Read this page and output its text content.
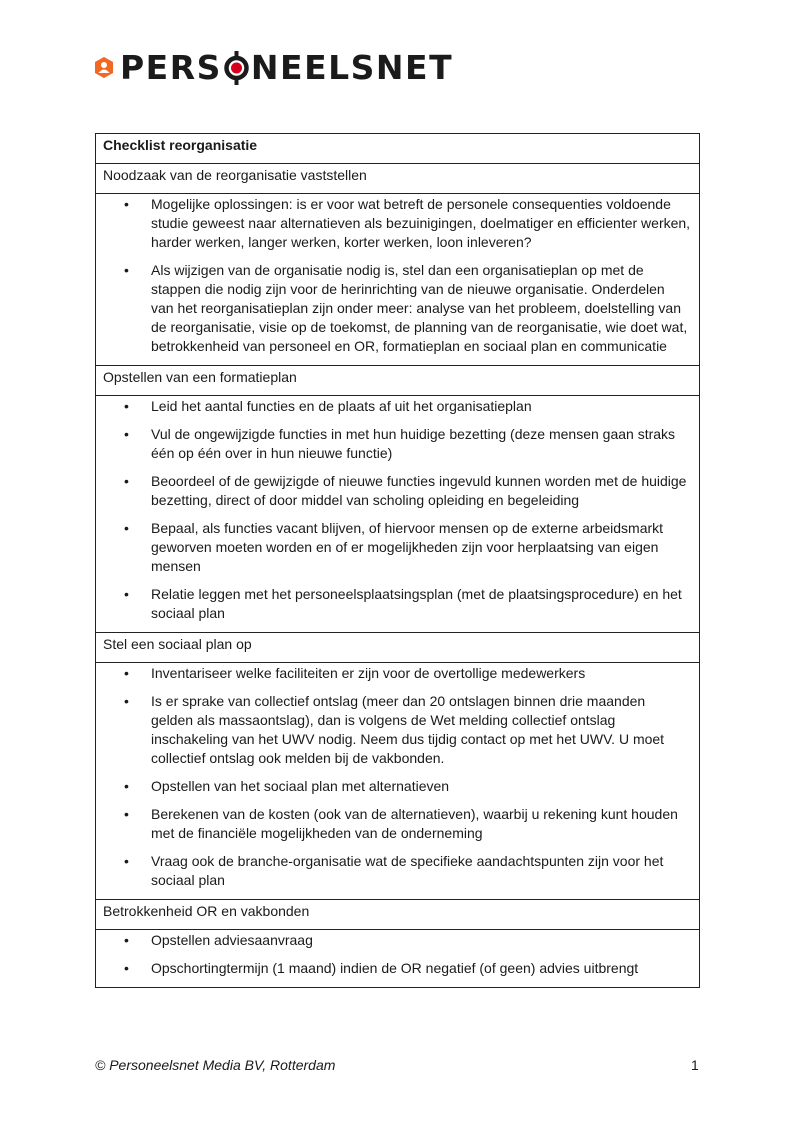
PERS NEELSNET
Checklist reorganisatie
Noodzaak van de reorganisatie vaststellen
• Mogelijke oplossingen: is er voor wat betreft de personele consequenties voldoende studie geweest naar alternatieven als bezuinigingen, doelmatiger en efficienter werken, harder werken, langer werken, korter werken, loon inleveren?
• Als wijzigen van de organisatie nodig is, stel dan een organisatieplan op met de stappen die nodig zijn voor de herinrichting van de nieuwe organisatie. Onderdelen van het reorganisatieplan zijn onder meer: analyse van het probleem, doelstelling van de reorganisatie, visie op de toekomst, de planning van de reorganisatie, wie doet wat, betrokkenheid van personeel en OR, formatieplan en sociaal plan en communicatie
Opstellen van een formatieplan
• Leid het aantal functies en de plaats af uit het organisatieplan
• Vul de ongewijzigde functies in met hun huidige bezetting (deze mensen gaan straks één op één over in hun nieuwe functie)
• Beoordeel of de gewijzigde of nieuwe functies ingevuld kunnen worden met de huidige bezetting, direct of door middel van scholing opleiding en begeleiding
• Bepaal, als functies vacant blijven, of hiervoor mensen op de externe arbeidsmarkt geworven moeten worden en of er mogelijkheden zijn voor herplaatsing van eigen mensen
• Relatie leggen met het personeelsplaatsingsplan (met de plaatsingsprocedure) en het sociaal plan
Stel een sociaal plan op
• Inventariseer welke faciliteiten er zijn voor de overtollige medewerkers
• Is er sprake van collectief ontslag (meer dan 20 ontslagen binnen drie maanden gelden als massaontslag), dan is volgens de Wet melding collectief ontslag inschakeling van het UWV nodig. Neem dus tijdig contact op met het UWV. U moet collectief ontslag ook melden bij de vakbonden.
• Opstellen van het sociaal plan met alternatieven
• Berekenen van de kosten (ook van de alternatieven), waarbij u rekening kunt houden met de financiële mogelijkheden van de onderneming
• Vraag ook de branche-organisatie wat de specifieke aandachtspunten zijn voor het sociaal plan
Betrokkenheid OR en vakbonden
• Opstellen adviesaanvraag
• Opschortingtermijn (1 maand) indien de OR negatief (of geen) advies uitbrengt
© Personeelsnet Media BV, Rotterdam	1
